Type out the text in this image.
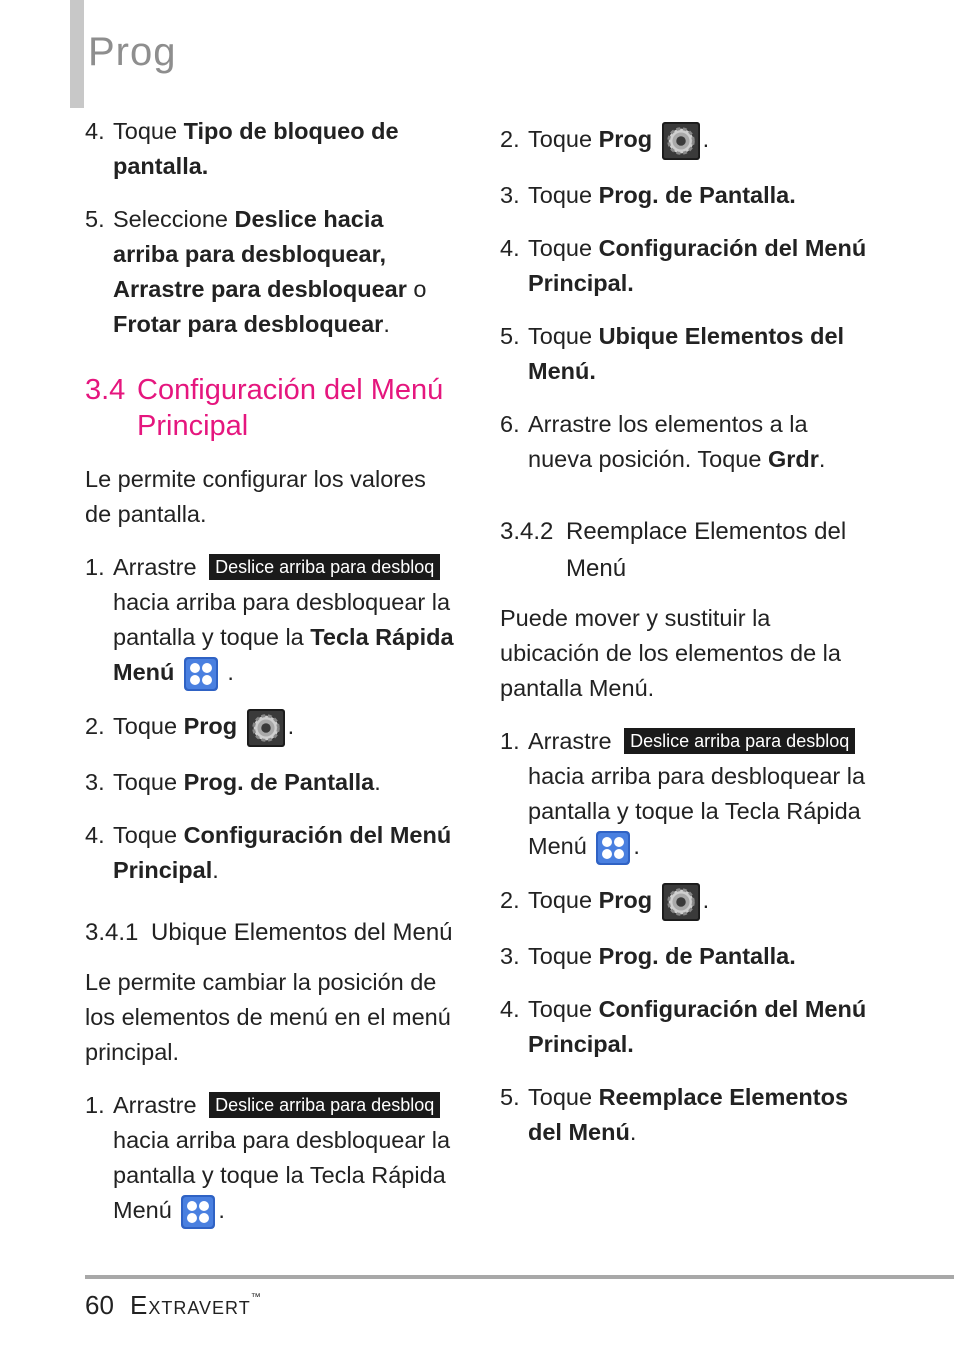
Prog
4. Toque Tipo de bloqueo de pantalla.
5. Seleccione Deslice hacia arriba para desbloquear, Arrastre para desbloquear o Frotar para desbloquear.
3.4 Configuración del Menú Principal

Le permite configurar los valores de pantalla.

1. Arrastre Deslice arriba para desbloq
hacia arriba para desbloquear la pantalla y toque la Tecla Rápida Menú .
2. Toque Prog .
3. Toque Prog. de Pantalla.
4. Toque Configuración del Menú Principal.
3.4.1 Ubique Elementos del Menú

Le permite cambiar la posición de los elementos de menú en el menú principal.

1. Arrastre Deslice arriba para desbloq
hacia arriba para desbloquear la pantalla y toque la Tecla Rápida Menú .
2. Toque Prog .
3. Toque Prog. de Pantalla.
4. Toque Configuración del Menú Principal.
5. Toque Ubique Elementos del Menú.
6. Arrastre los elementos a la nueva posición. Toque Grdr.
3.4.2 Reemplace Elementos del Menú

Puede mover y sustituir la ubicación de los elementos de la pantalla Menú.

1. Arrastre Deslice arriba para desbloq
hacia arriba para desbloquear la pantalla y toque la Tecla Rápida Menú .
2. Toque Prog .
3. Toque Prog. de Pantalla.
4. Toque Configuración del Menú Principal.
5. Toque Reemplace Elementos del Menú.
60 Extravert™
